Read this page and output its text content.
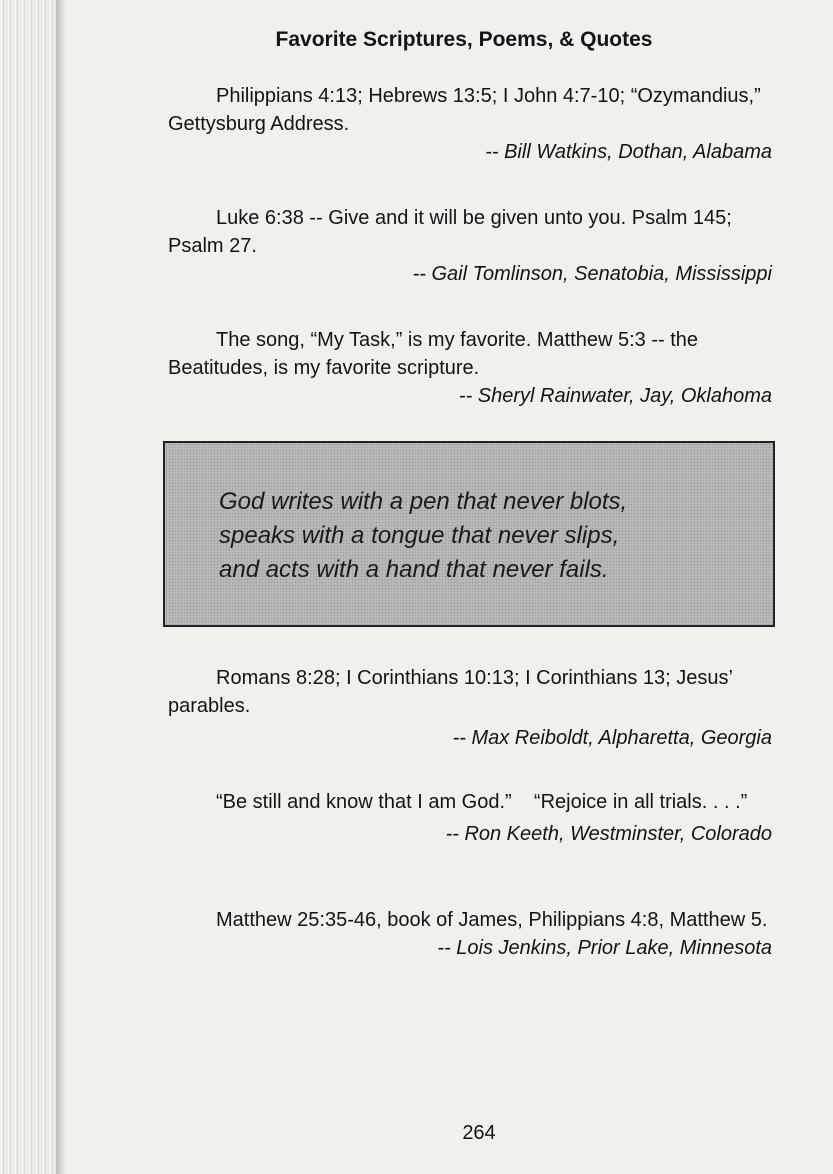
Favorite Scriptures, Poems, & Quotes

Philippians 4:13; Hebrews 13:5; I John 4:7-10; “Ozymandius,” Gettysburg Address.

-- Bill Watkins, Dothan, Alabama

Luke 6:38 -- Give and it will be given unto you. Psalm 145; Psalm 27.

-- Gail Tomlinson, Senatobia, Mississippi

The song, “My Task,” is my favorite. Matthew 5:3 -- the Beatitudes, is my favorite scripture.

-- Sheryl Rainwater, Jay, Oklahoma

God writes with a pen that never blots,
speaks with a tongue that never slips,
and acts with a hand that never fails.

Romans 8:28; I Corinthians 10:13; I Corinthians 13; Jesus’ parables.

-- Max Reiboldt, Alpharetta, Georgia

“Be still and know that I am God.”    “Rejoice in all trials. . . .”

-- Ron Keeth, Westminster, Colorado

Matthew 25:35-46, book of James, Philippians 4:8, Matthew 5.

-- Lois Jenkins, Prior Lake, Minnesota

264
